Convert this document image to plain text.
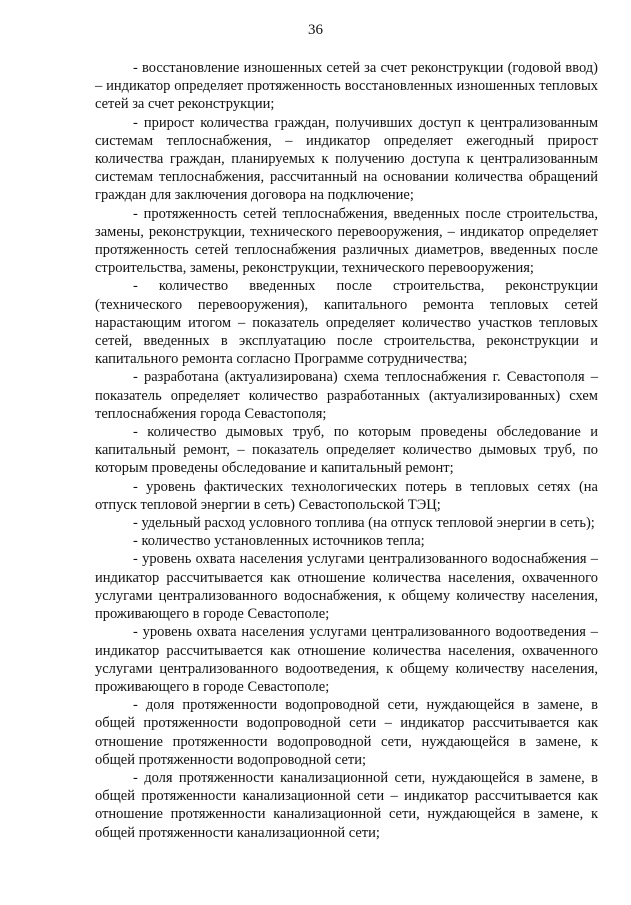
36

- восстановление изношенных сетей за счет реконструкции (годовой ввод) – индикатор определяет протяженность восстановленных изношенных тепловых сетей за счет реконструкции;

- прирост количества граждан, получивших доступ к централизованным системам теплоснабжения, – индикатор определяет ежегодный прирост количества граждан, планируемых к получению доступа к централизованным системам теплоснабжения, рассчитанный на основании количества обращений граждан для заключения договора на подключение;

- протяженность сетей теплоснабжения, введенных после строительства, замены, реконструкции, технического перевооружения, – индикатор определяет протяженность сетей теплоснабжения различных диаметров, введенных после строительства, замены, реконструкции, технического перевооружения;

- количество введенных после строительства, реконструкции (технического перевооружения), капитального ремонта тепловых сетей нарастающим итогом – показатель определяет количество участков тепловых сетей, введенных в эксплуатацию после строительства, реконструкции и капитального ремонта согласно Программе сотрудничества;

- разработана (актуализирована) схема теплоснабжения г. Севастополя – показатель определяет количество разработанных (актуализированных) схем теплоснабжения города Севастополя;

- количество дымовых труб, по которым проведены обследование и капитальный ремонт, – показатель определяет количество дымовых труб, по которым проведены обследование и капитальный ремонт;

- уровень фактических технологических потерь в тепловых сетях (на отпуск тепловой энергии в сеть) Севастопольской ТЭЦ;

- удельный расход условного топлива (на отпуск тепловой энергии в сеть);

- количество установленных источников тепла;

- уровень охвата населения услугами централизованного водоснабжения – индикатор рассчитывается как отношение количества населения, охваченного услугами централизованного водоснабжения, к общему количеству населения, проживающего в городе Севастополе;

- уровень охвата населения услугами централизованного водоотведения – индикатор рассчитывается как отношение количества населения, охваченного услугами централизованного водоотведения, к общему количеству населения, проживающего в городе Севастополе;

- доля протяженности водопроводной сети, нуждающейся в замене, в общей протяженности водопроводной сети – индикатор рассчитывается как отношение протяженности водопроводной сети, нуждающейся в замене, к общей протяженности водопроводной сети;

- доля протяженности канализационной сети, нуждающейся в замене, в общей протяженности канализационной сети – индикатор рассчитывается как отношение протяженности канализационной сети, нуждающейся в замене, к общей протяженности канализационной сети;
